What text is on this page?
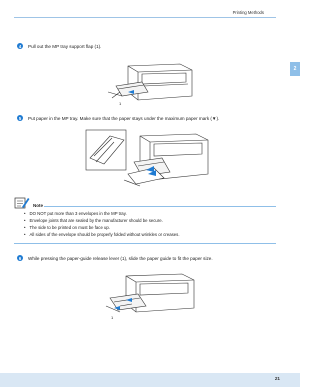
Printing Methods
2
4	Pull out the MP tray support flap (1).
1
5	Put paper in the MP tray. Make sure that the paper stays under the maximum paper mark (▼).
Note
• DO NOT put more than 3 envelopes in the MP tray.
• Envelope joints that are sealed by the manufacturer should be secure.
• The side to be printed on must be face up.
• All sides of the envelope should be properly folded without wrinkles or creases.
6	While pressing the paper-guide release lever (1), slide the paper guide to fit the paper size.
1
21
